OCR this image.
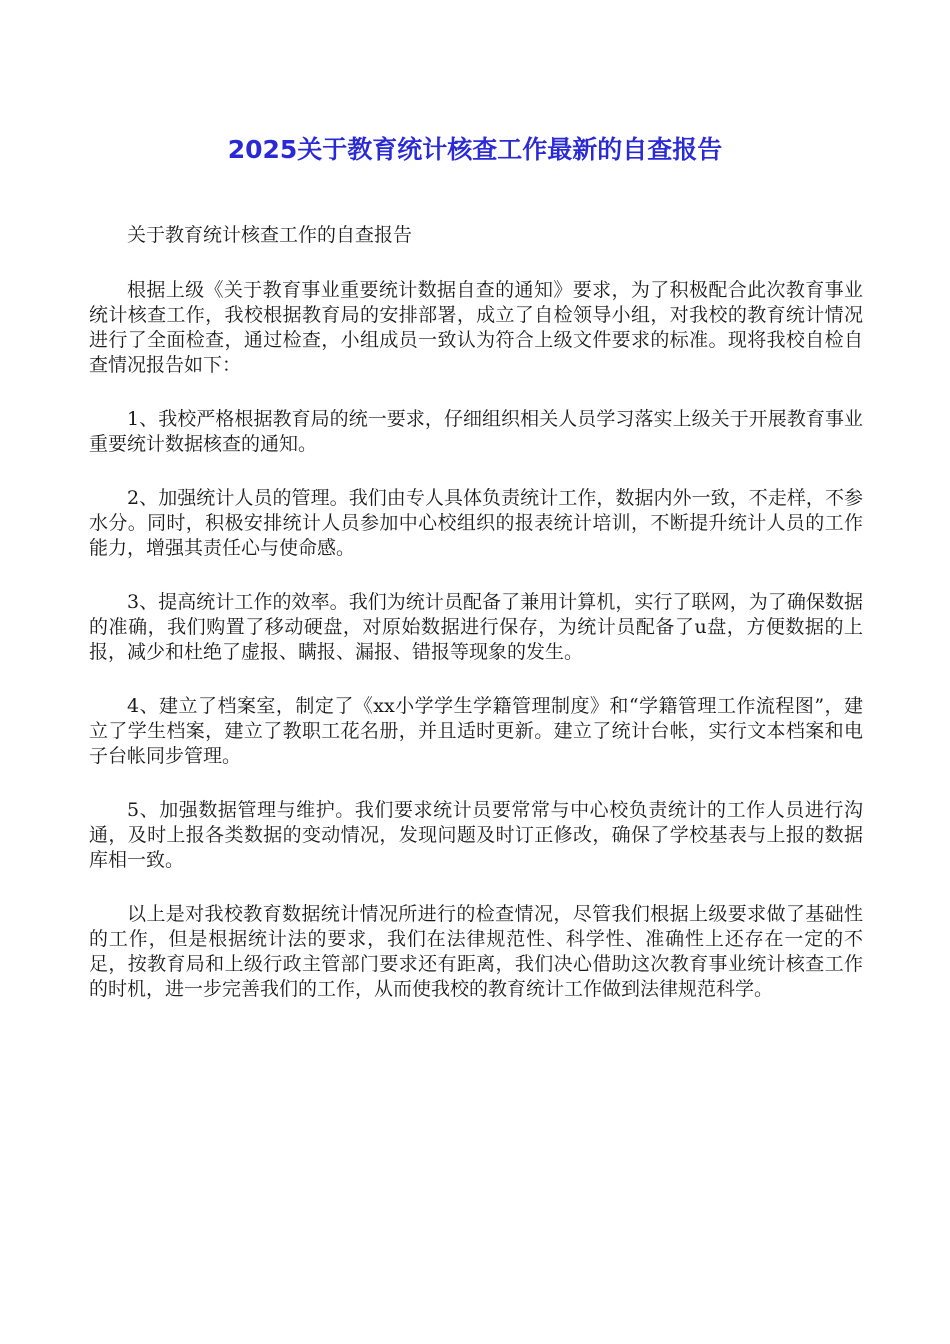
2025关于教育统计核查工作最新的自查报告

关于教育统计核查工作的自查报告

根据上级《关于教育事业重要统计数据自查的通知》要求，为了积极配合此次教育事业统计核查工作，我校根据教育局的安排部署，成立了自检领导小组，对我校的教育统计情况进行了全面检查，通过检查，小组成员一致认为符合上级文件要求的标准。现将我校自检自查情况报告如下：

1、我校严格根据教育局的统一要求，仔细组织相关人员学习落实上级关于开展教育事业重要统计数据核查的通知。

2、加强统计人员的管理。我们由专人具体负责统计工作，数据内外一致，不走样，不参水分。同时，积极安排统计人员参加中心校组织的报表统计培训，不断提升统计人员的工作能力，增强其责任心与使命感。

3、提高统计工作的效率。我们为统计员配备了兼用计算机，实行了联网，为了确保数据的准确，我们购置了移动硬盘，对原始数据进行保存，为统计员配备了u盘，方便数据的上报，减少和杜绝了虚报、瞒报、漏报、错报等现象的发生。

4、建立了档案室，制定了《xx小学学生学籍管理制度》和“学籍管理工作流程图”，建立了学生档案，建立了教职工花名册，并且适时更新。建立了统计台帐，实行文本档案和电子台帐同步管理。

5、加强数据管理与维护。我们要求统计员要常常与中心校负责统计的工作人员进行沟通，及时上报各类数据的变动情况，发现问题及时订正修改，确保了学校基表与上报的数据库相一致。

以上是对我校教育数据统计情况所进行的检查情况，尽管我们根据上级要求做了基础性的工作，但是根据统计法的要求，我们在法律规范性、科学性、准确性上还存在一定的不足，按教育局和上级行政主管部门要求还有距离，我们决心借助这次教育事业统计核查工作的时机，进一步完善我们的工作，从而使我校的教育统计工作做到法律规范科学。
